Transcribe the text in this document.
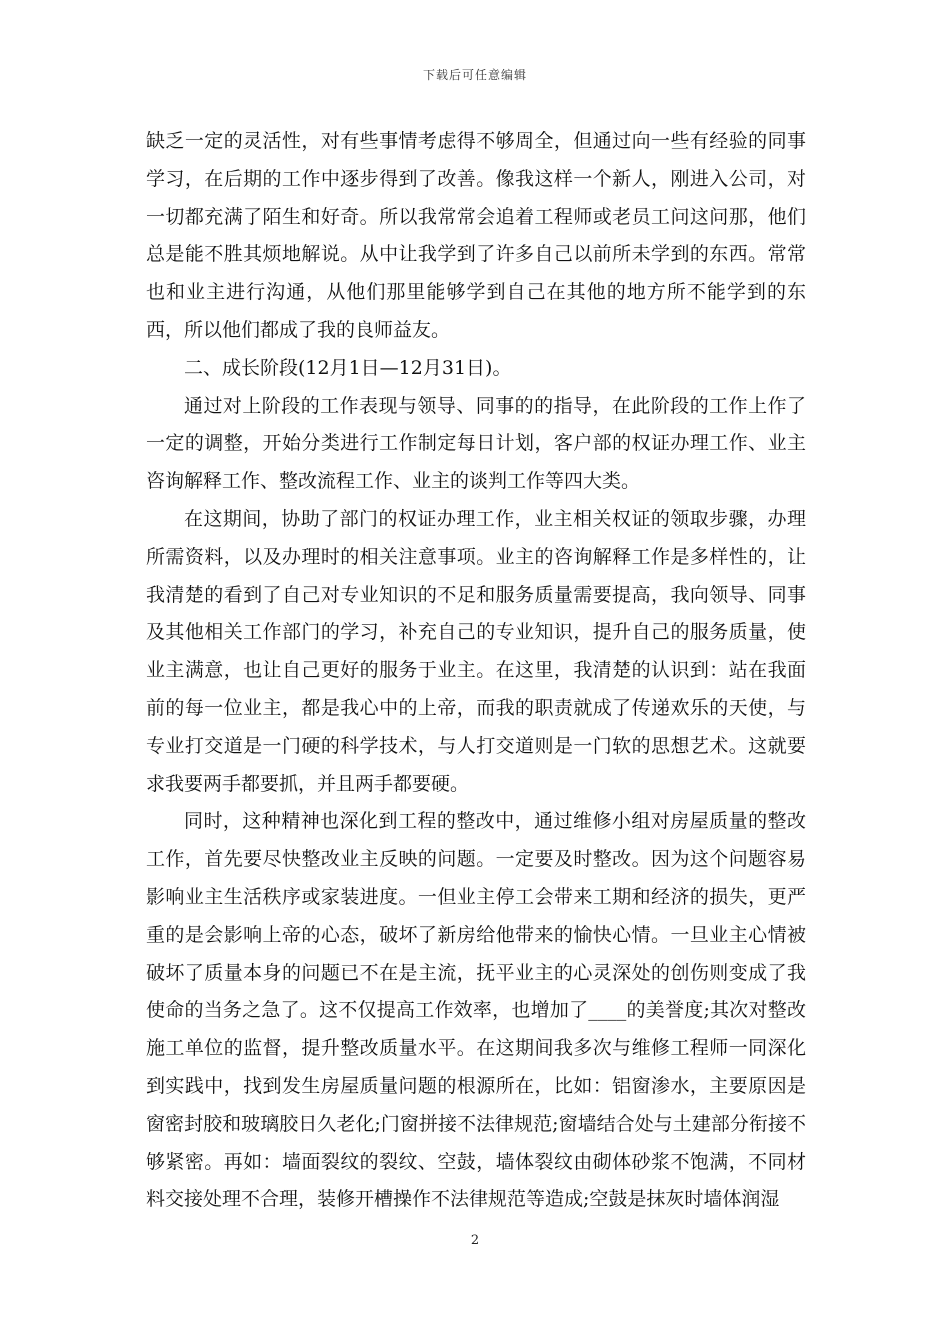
下载后可任意编辑

缺乏一定的灵活性，对有些事情考虑得不够周全，但通过向一些有经验的同事学习，在后期的工作中逐步得到了改善。像我这样一个新人，刚进入公司，对一切都充满了陌生和好奇。所以我常常会追着工程师或老员工问这问那，他们总是能不胜其烦地解说。从中让我学到了许多自己以前所未学到的东西。常常也和业主进行沟通，从他们那里能够学到自己在其他的地方所不能学到的东西，所以他们都成了我的良师益友。

二、成长阶段(12月1日—12月31日)。

通过对上阶段的工作表现与领导、同事的的指导，在此阶段的工作上作了一定的调整，开始分类进行工作制定每日计划，客户部的权证办理工作、业主咨询解释工作、整改流程工作、业主的谈判工作等四大类。

在这期间，协助了部门的权证办理工作，业主相关权证的领取步骤，办理所需资料，以及办理时的相关注意事项。业主的咨询解释工作是多样性的，让我清楚的看到了自己对专业知识的不足和服务质量需要提高，我向领导、同事及其他相关工作部门的学习，补充自己的专业知识，提升自己的服务质量，使业主满意，也让自己更好的服务于业主。在这里，我清楚的认识到：站在我面前的每一位业主，都是我心中的上帝，而我的职责就成了传递欢乐的天使，与专业打交道是一门硬的科学技术，与人打交道则是一门软的思想艺术。这就要求我要两手都要抓，并且两手都要硬。

同时，这种精神也深化到工程的整改中，通过维修小组对房屋质量的整改工作，首先要尽快整改业主反映的问题。一定要及时整改。因为这个问题容易影响业主生活秩序或家装进度。一但业主停工会带来工期和经济的损失，更严重的是会影响上帝的心态，破坏了新房给他带来的愉快心情。一旦业主心情被破坏了质量本身的问题已不在是主流，抚平业主的心灵深处的创伤则变成了我使命的当务之急了。这不仅提高工作效率，也增加了____的美誉度;其次对整改施工单位的监督，提升整改质量水平。在这期间我多次与维修工程师一同深化到实践中，找到发生房屋质量问题的根源所在，比如：铝窗渗水，主要原因是窗密封胶和玻璃胶日久老化;门窗拼接不法律规范;窗墙结合处与土建部分衔接不够紧密。再如：墙面裂纹的裂纹、空鼓，墙体裂纹由砌体砂浆不饱满，不同材料交接处理不合理，装修开槽操作不法律规范等造成;空鼓是抹灰时墙体润湿

2
